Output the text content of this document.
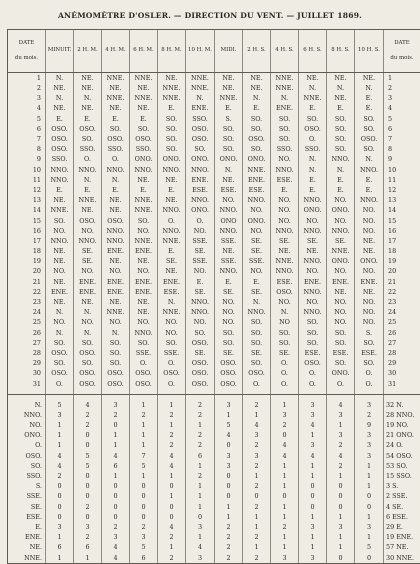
ANÉMOMÈTRE D'OSLER. — DIRECTION DU VENT. — JUILLET 1869.
DATE
du mois.	MINUIT.	2 H. M.	4 H. M.	6 H. M.	8 H. M.	10 H. M.	MIDI.	2 H. S.	4 H. S.	6 H. S.	8 H. S.	10 H. S.	DATE
du mois.

1	N.	NE.	NNE.	NNE.	NE.	NNE.	NE.	NE.	NNE.	NE.	NE.	NE.	1
2	NE.	NE.	NE.	NE.	NNE.	NNE.	NE.	NE.	NNE.	N.	N.	N.	2
3	N.	N.	NNE.	NNE.	NNE.	N.	NNE.	N.	N.	NNE.	NE.	E.	3
4	NE.	NE.	NE.	NE.	E.	ENE.	E.	E.	ENE.	E.	E.	E.	4
5	E.	E.	E.	E.	SO.	SSO.	S.	SO.	SO.	SO.	SO.	SO.	5
6	OSO.	OSO.	SO.	SO.	SO.	OSO.	SO.	SO.	SO.	OSO.	SO.	SO.	6
7	OSO.	SO.	OSO.	OSO.	SO.	OSO.	SO.	OSO.	SO.	O.	SO.	OSO.	7
8	OSO.	SSO.	SSO.	SSO.	SO.	SO.	SO.	SO.	SSO.	SSO.	SO.	SO.	8
9	SSO.	O.	O.	ONO.	ONO.	ONO.	ONO.	ONO.	NO.	N.	NNO.	N.	9
10	NNO.	NNO.	NNO.	NNO.	NNO.	NNO.	N.	NNE.	NNO.	N.	N.	NNO.	10
11	NNO.	N.	N.	NE.	NE.	ENE.	NE.	ENE.	ESE.	E.	E.	E.	11
12	E.	E.	E.	E.	E.	ESE.	ESE.	ESE.	E.	E.	E.	E.	12
13	NE.	NNE.	NE.	NNE.	NE.	NNO.	NO.	NNO.	NO.	NNO.	NO.	NNO.	13
14	NNE.	NE.	NE.	NNE.	NNO.	ONO.	NNO.	NO.	NO.	ONO.	ONO.	NO.	14
15	SO.	OSO.	OSO.	SO.	O.	O.	ONO	ONO.	NO.	NO.	NO.	NO.	15
16	NO.	NO.	NNO.	NO.	NNO.	NO.	NNO.	NO.	NNO.	NNO.	NNO.	NO.	16
17	NNO.	NNO.	NNO.	NNE.	NNE.	SSE.	SSE.	SE.	SE.	SE.	SE.	NE.	17
18	NE.	SE.	ENE.	ENE.	E.	SE.	NE.	SE.	NE.	NE.	NNE.	NE.	18
19	NE.	SE.	NE.	NE.	SE.	SSE.	SSE.	SSE.	NNE.	NNO.	ONO.	ONO.	19
20	NO.	NO.	NO.	NO.	NE.	NO.	NNO.	NO.	NNO.	NO.	NO.	NO.	20
21	NE.	ENE.	ENE.	ENE.	ENE.	E.	E.	E.	ESE.	ENE.	ENE.	ENE.	21
22	ENE.	ENE.	ENE.	ENE.	ESE.	SE.	SE.	SE.	OSO.	NNO.	NE.	NE.	22
23	NE.	NE.	NE.	NE.	N.	NNO.	NO.	N.	NO.	NO.	NO.	NO.	23
24	N.	N.	NNE.	NE.	NNE.	NNO.	NO.	NNO.	N.	NNO.	NO.	NO.	24
25	NO.	NO.	NO.	NO.	NO.	NO.	NO.	SO.	NO	SO.	NO.	NO.	25
26	N.	N.	N.	NNO.	NO.	SO.	SO.	SO.	SO.	SO.	SO.	S.	26
27	SO.	SO.	SO.	SO.	SO.	OSO.	SO.	SO.	SO.	SO.	SO.	SO.	27
28	OSO.	OSO.	SO.	SSE.	SSE.	SE.	SE.	SE.	SE.	ESE.	ESE.	ESE.	28
29	SO.	SO.	SO.	O.	O.	OSO.	OSO.	SO.	O.	OSO.	SO.	SO.	29
30	OSO.	OSO.	OSO.	OSO.	OSO.	OSO.	OSO.	OSO.	O.	O.	ONO.	O.	30
31	O.	OSO.	OSO.	OSO.	O.	OSO.	OSO.	O.	O.	O.	O.	O.	31

N.	5	4	3	1	1	2	3	2	1	3	4	3	32 N.
NNO.	3	2	2	2	2	2	1	1	3	3	3	2	28 NNO.
NO.	1	2	0	1	1	1	5	4	2	4	1	9	19 NO.
ONO.	1	0	1	1	2	2	4	3	0	1	3	3	21 ONO.
O.	1	0	1	1	2	2	0	2	4	3	2	3	24 O.
OSO.	4	5	4	7	4	6	3	3	4	4	4	3	54 OSO.
SO.	4	5	6	5	4	1	3	2	1	1	2	1	53 SO.
SSO.	2	0	1	1	1	2	0	1	1	1	1	1	15 SSO.
S.	0	0	0	0	0	1	0	2	1	0	0	1	3 S.
SSE.	0	0	0	0	1	1	0	0	0	0	0	0	2 SSE.
SE.	0	2	0	0	0	1	1	2	1	0	0	0	4 SE.
ESE.	0	0	0	0	0	0	1	1	1	1	1	1	6 ESE.
E.	3	3	2	2	4	3	2	1	2	3	3	3	29 E.
ENE.	1	2	3	3	2	1	2	2	1	1	1	1	19 ENE.
NE.	6	6	4	5	1	4	2	1	1	1	1	5	57 NE.
NNE.	1	1	4	6	2	3	2	2	3	3	0	0	30 NNE.
